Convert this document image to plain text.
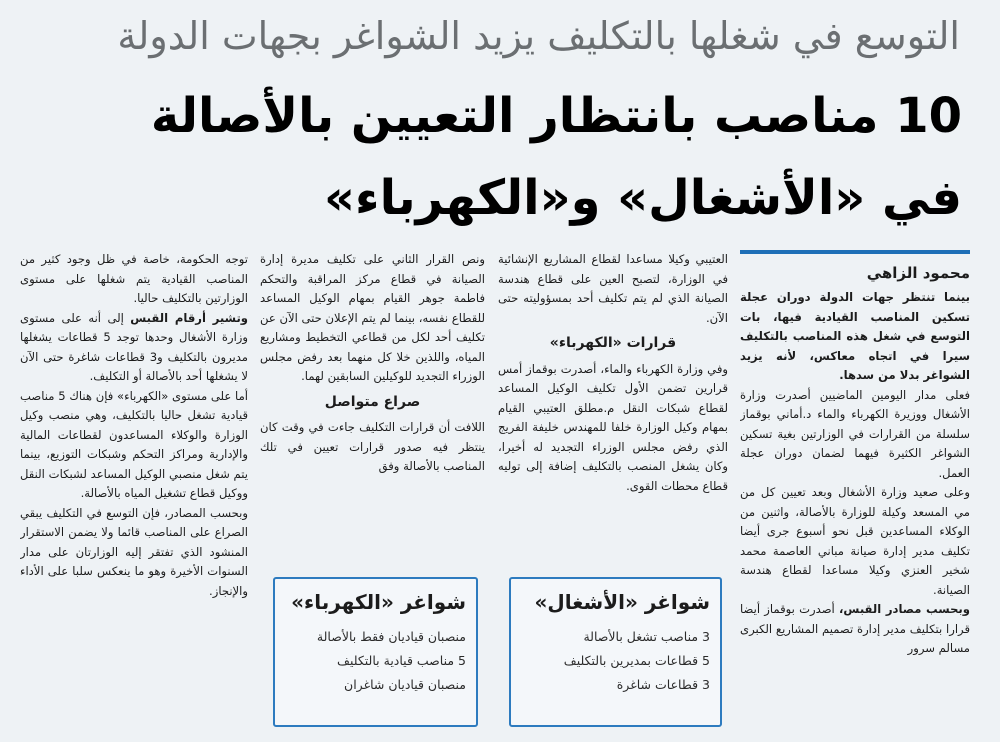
التوسع في شغلها بالتكليف يزيد الشواغر بجهات الدولة
10 مناصب بانتظار التعيين بالأصالة
في «الأشغال» و«الكهرباء»
محمود الزاهي

بينما تنتظر جهات الدولة دوران عجلة تسكين المناصب القيادية فيها، بات التوسع في شغل هذه المناصب بالتكليف سيرا في اتجاه معاكس، لأنه يزيد الشواغر بدلا من سدها.

فعلى مدار اليومين الماضيين أصدرت وزارة الأشغال ووزيرة الكهرباء والماء د.أماني بوقماز سلسلة من القرارات في الوزارتين بغية تسكين الشواغر الكثيرة فيهما لضمان دوران عجلة العمل.

وعلى صعيد وزارة الأشغال وبعد تعيين كل من مي المسعد وكيلة للوزارة بالأصالة، واثنين من الوكلاء المساعدين قبل نحو أسبوع جرى أيضا تكليف مدير إدارة صيانة مباني العاصمة محمد شخير العنزي وكيلا مساعدا لقطاع هندسة الصيانة.

وبحسب مصادر القبس، أصدرت بوقماز أيضا قرارا بتكليف مدير إدارة تصميم المشاريع الكبرى مسالم سرور

العتيبي وكيلا مساعدا لقطاع المشاريع الإنشائية في الوزارة، لتصبح العين على قطاع هندسة الصيانة الذي لم يتم تكليف أحد بمسؤوليته حتى الآن.

قرارات «الكهرباء»

وفي وزارة الكهرباء والماء، أصدرت بوقماز أمس قرارين تضمن الأول تكليف الوكيل المساعد لقطاع شبكات النقل م.مطلق العتيبي القيام بمهام وكيل الوزارة خلفا للمهندس خليفة الفريج الذي رفض مجلس الوزراء التجديد له أخيرا، وكان يشغل المنصب بالتكليف إضافة إلى توليه قطاع محطات القوى.

ونص القرار الثاني على تكليف مديرة إدارة الصيانة في قطاع مركز المراقبة والتحكم فاطمة جوهر القيام بمهام الوكيل المساعد للقطاع نفسه، بينما لم يتم الإعلان حتى الآن عن تكليف أحد لكل من قطاعي التخطيط ومشاريع المياه، واللذين خلا كل منهما بعد رفض مجلس الوزراء التجديد للوكيلين السابقين لهما.

صراع متواصل

اللافت أن قرارات التكليف جاءت في وقت كان ينتظر فيه صدور قرارات تعيين في تلك المناصب بالأصالة وفق

توجه الحكومة، خاصة في ظل وجود كثير من المناصب القيادية يتم شغلها على مستوى الوزارتين بالتكليف حاليا.

وتشير أرقام القبس إلى أنه على مستوى وزارة الأشغال وحدها توجد 5 قطاعات يشغلها مديرون بالتكليف و3 قطاعات شاغرة حتى الآن لا يشغلها أحد بالأصالة أو التكليف.

أما على مستوى «الكهرباء» فإن هناك 5 مناصب قيادية تشغل حاليا بالتكليف، وهي منصب وكيل الوزارة والوكلاء المساعدون لقطاعات المالية والإدارية ومراكز التحكم وشبكات التوزيع، بينما يتم شغل منصبي الوكيل المساعد لشبكات النقل ووكيل قطاع تشغيل المياه بالأصالة.

وبحسب المصادر، فإن التوسع في التكليف يبقي الصراع على المناصب قائما ولا يضمن الاستقرار المنشود الذي تفتقر إليه الوزارتان على مدار السنوات الأخيرة وهو ما ينعكس سلبا على الأداء والإنجاز.	شواغر «الأشغال»
3 مناصب تشغل بالأصالة
5 قطاعات بمديرين بالتكليف
3 قطاعات شاغرة
شواغر «الكهرباء»
منصبان قياديان فقط بالأصالة
5 مناصب قيادية بالتكليف
منصبان قياديان شاغران
